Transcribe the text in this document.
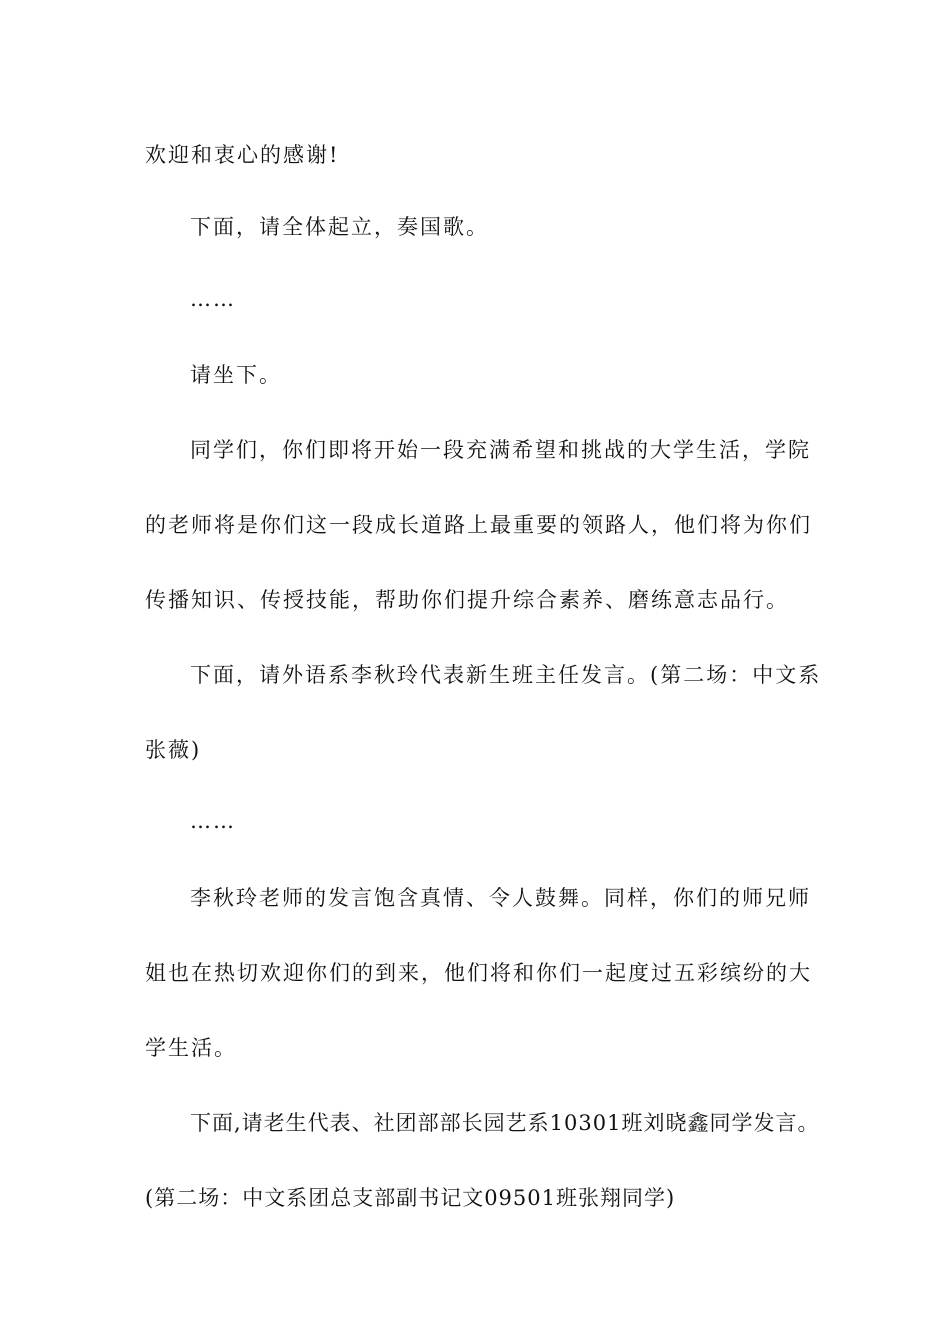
欢迎和衷心的感谢!

下面，请全体起立，奏国歌。

……

请坐下。

同学们，你们即将开始一段充满希望和挑战的大学生活，学院

的老师将是你们这一段成长道路上最重要的领路人，他们将为你们

传播知识、传授技能，帮助你们提升综合素养、磨练意志品行。

下面，请外语系李秋玲代表新生班主任发言。(第二场：中文系

张薇)

……

李秋玲老师的发言饱含真情、令人鼓舞。同样，你们的师兄师

姐也在热切欢迎你们的到来，他们将和你们一起度过五彩缤纷的大

学生活。

下面,请老生代表、社团部部长园艺系10301班刘晓鑫同学发言。

(第二场：中文系团总支部副书记文09501班张翔同学)
